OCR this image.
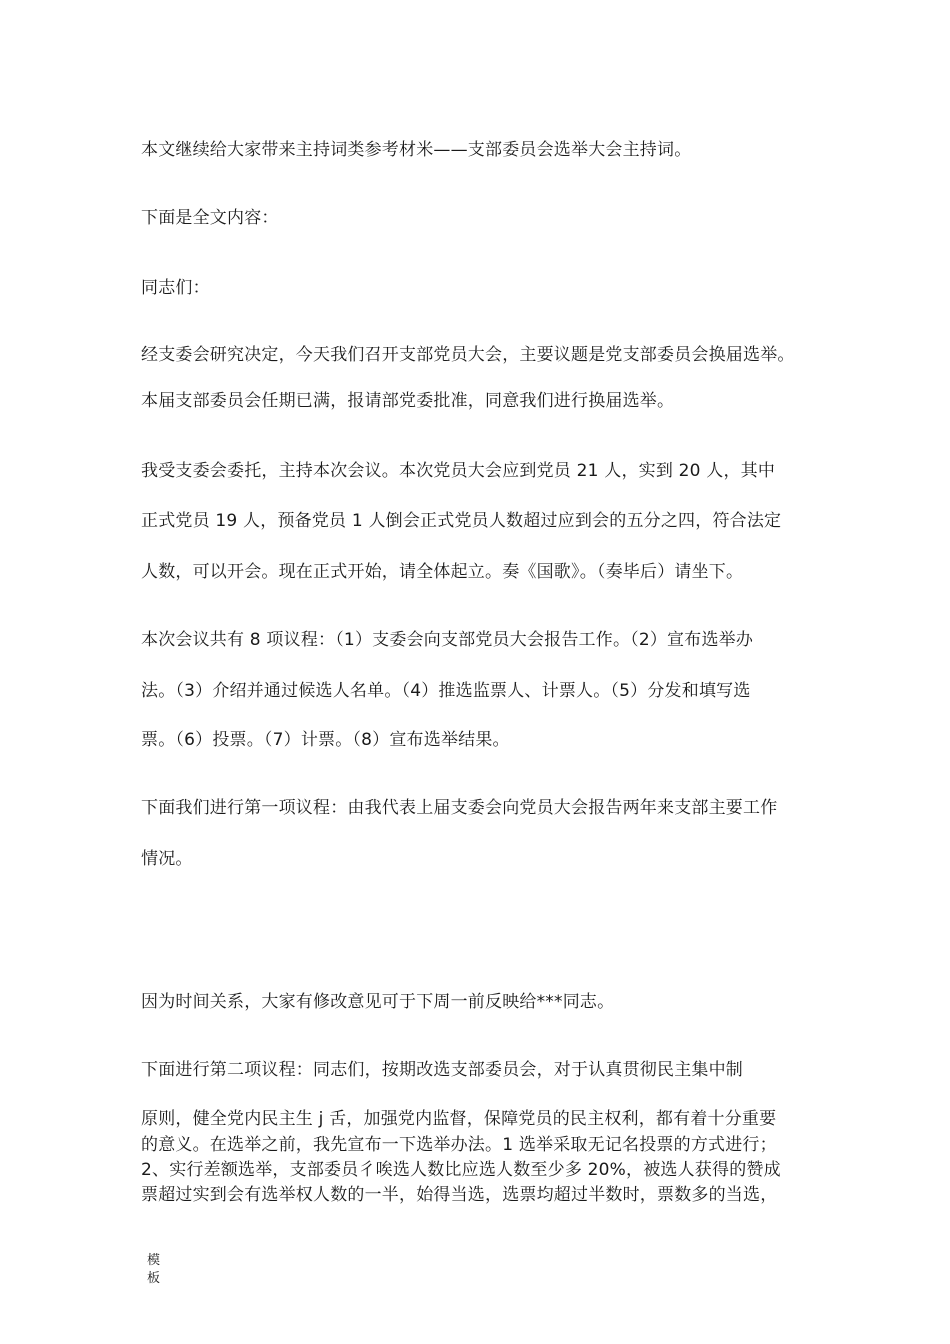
本文继续给大家带来主持词类参考材米——支部委员会选举大会主持词。
下面是全文内容：
同志们：
经支委会研究决定，今天我们召开支部党员大会，主要议题是党支部委员会换届选举。
本届支部委员会任期已满，报请部党委批准，同意我们进行换届选举。
我受支委会委托，主持本次会议。本次党员大会应到党员 21 人，实到 20 人，其中
正式党员 19 人，预备党员 1 人倒会正式党员人数超过应到会的五分之四，符合法定
人数，可以开会。现在正式开始，请全体起立。奏《国歌》。（奏毕后）请坐下。
本次会议共有 8 项议程：（1）支委会向支部党员大会报告工作。（2）宣布选举办
法。（3）介绍并通过候选人名单。（4）推选监票人、计票人。（5）分发和填写选
票。（6）投票。（7）计票。（8）宣布选举结果。
下面我们进行第一项议程：由我代表上届支委会向党员大会报告两年来支部主要工作
情况。
因为时间关系，大家有修改意见可于下周一前反映给***同志。
下面进行第二项议程：同志们，按期改选支部委员会，对于认真贯彻民主集中制
原则，健全党内民主生 j 舌，加强党内监督，保障党员的民主权利，都有着十分重要
的意义。在选举之前，我先宣布一下选举办法。1 选举采取无记名投票的方式进行；
2、实行差额选举，支部委员彳唉选人数比应选人数至少多 20%，被选人获得的赞成
票超过实到会有选举权人数的一半，始得当选，选票均超过半数时，票数多的当选，
模板
